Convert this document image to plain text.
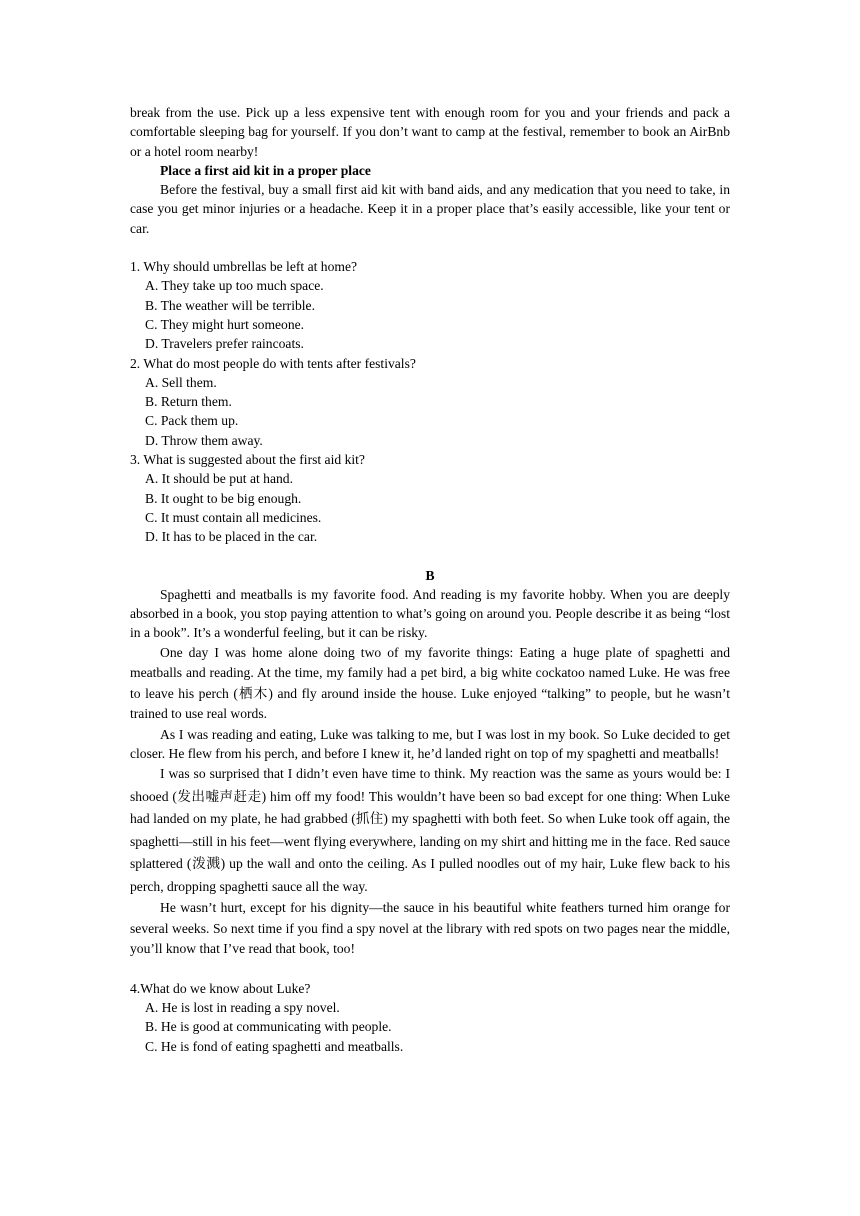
break from the use. Pick up a less expensive tent with enough room for you and your friends and pack a comfortable sleeping bag for yourself. If you don’t want to camp at the festival, remember to book an AirBnb or a hotel room nearby!

Place a first aid kit in a proper place

Before the festival, buy a small first aid kit with band aids, and any medication that you need to take, in case you get minor injuries or a headache. Keep it in a proper place that’s easily accessible, like your tent or car.

1. Why should umbrellas be left at home?

A. They take up too much space.

B. The weather will be terrible.

C. They might hurt someone.

D. Travelers prefer raincoats.

2. What do most people do with tents after festivals?

A. Sell them.

B. Return them.

C. Pack them up.

D. Throw them away.

3. What is suggested about the first aid kit?

A. It should be put at hand.

B. It ought to be big enough.

C. It must contain all medicines.

D. It has to be placed in the car.

B

Spaghetti and meatballs is my favorite food. And reading is my favorite hobby. When you are deeply absorbed in a book, you stop paying attention to what’s going on around you. People describe it as being “lost in a book”. It’s a wonderful feeling, but it can be risky.

One day I was home alone doing two of my favorite things: Eating a huge plate of spaghetti and meatballs and reading. At the time, my family had a pet bird, a big white cockatoo named Luke. He was free to leave his perch (栖木) and fly around inside the house. Luke enjoyed “talking” to people, but he wasn’t trained to use real words.

As I was reading and eating, Luke was talking to me, but I was lost in my book. So Luke decided to get closer. He flew from his perch, and before I knew it, he’d landed right on top of my spaghetti and meatballs!

I was so surprised that I didn’t even have time to think. My reaction was the same as yours would be: I shooed (发出嘘声赶走) him off my food! This wouldn’t have been so bad except for one thing: When Luke had landed on my plate, he had grabbed (抓住) my spaghetti with both feet. So when Luke took off again, the spaghetti—still in his feet—went flying everywhere, landing on my shirt and hitting me in the face. Red sauce splattered (泼溅) up the wall and onto the ceiling. As I pulled noodles out of my hair, Luke flew back to his perch, dropping spaghetti sauce all the way.

He wasn’t hurt, except for his dignity—the sauce in his beautiful white feathers turned him orange for several weeks. So next time if you find a spy novel at the library with red spots on two pages near the middle, you’ll know that I’ve read that book, too!

4.What do we know about Luke?

A. He is lost in reading a spy novel.

B. He is good at communicating with people.

C. He is fond of eating spaghetti and meatballs.
